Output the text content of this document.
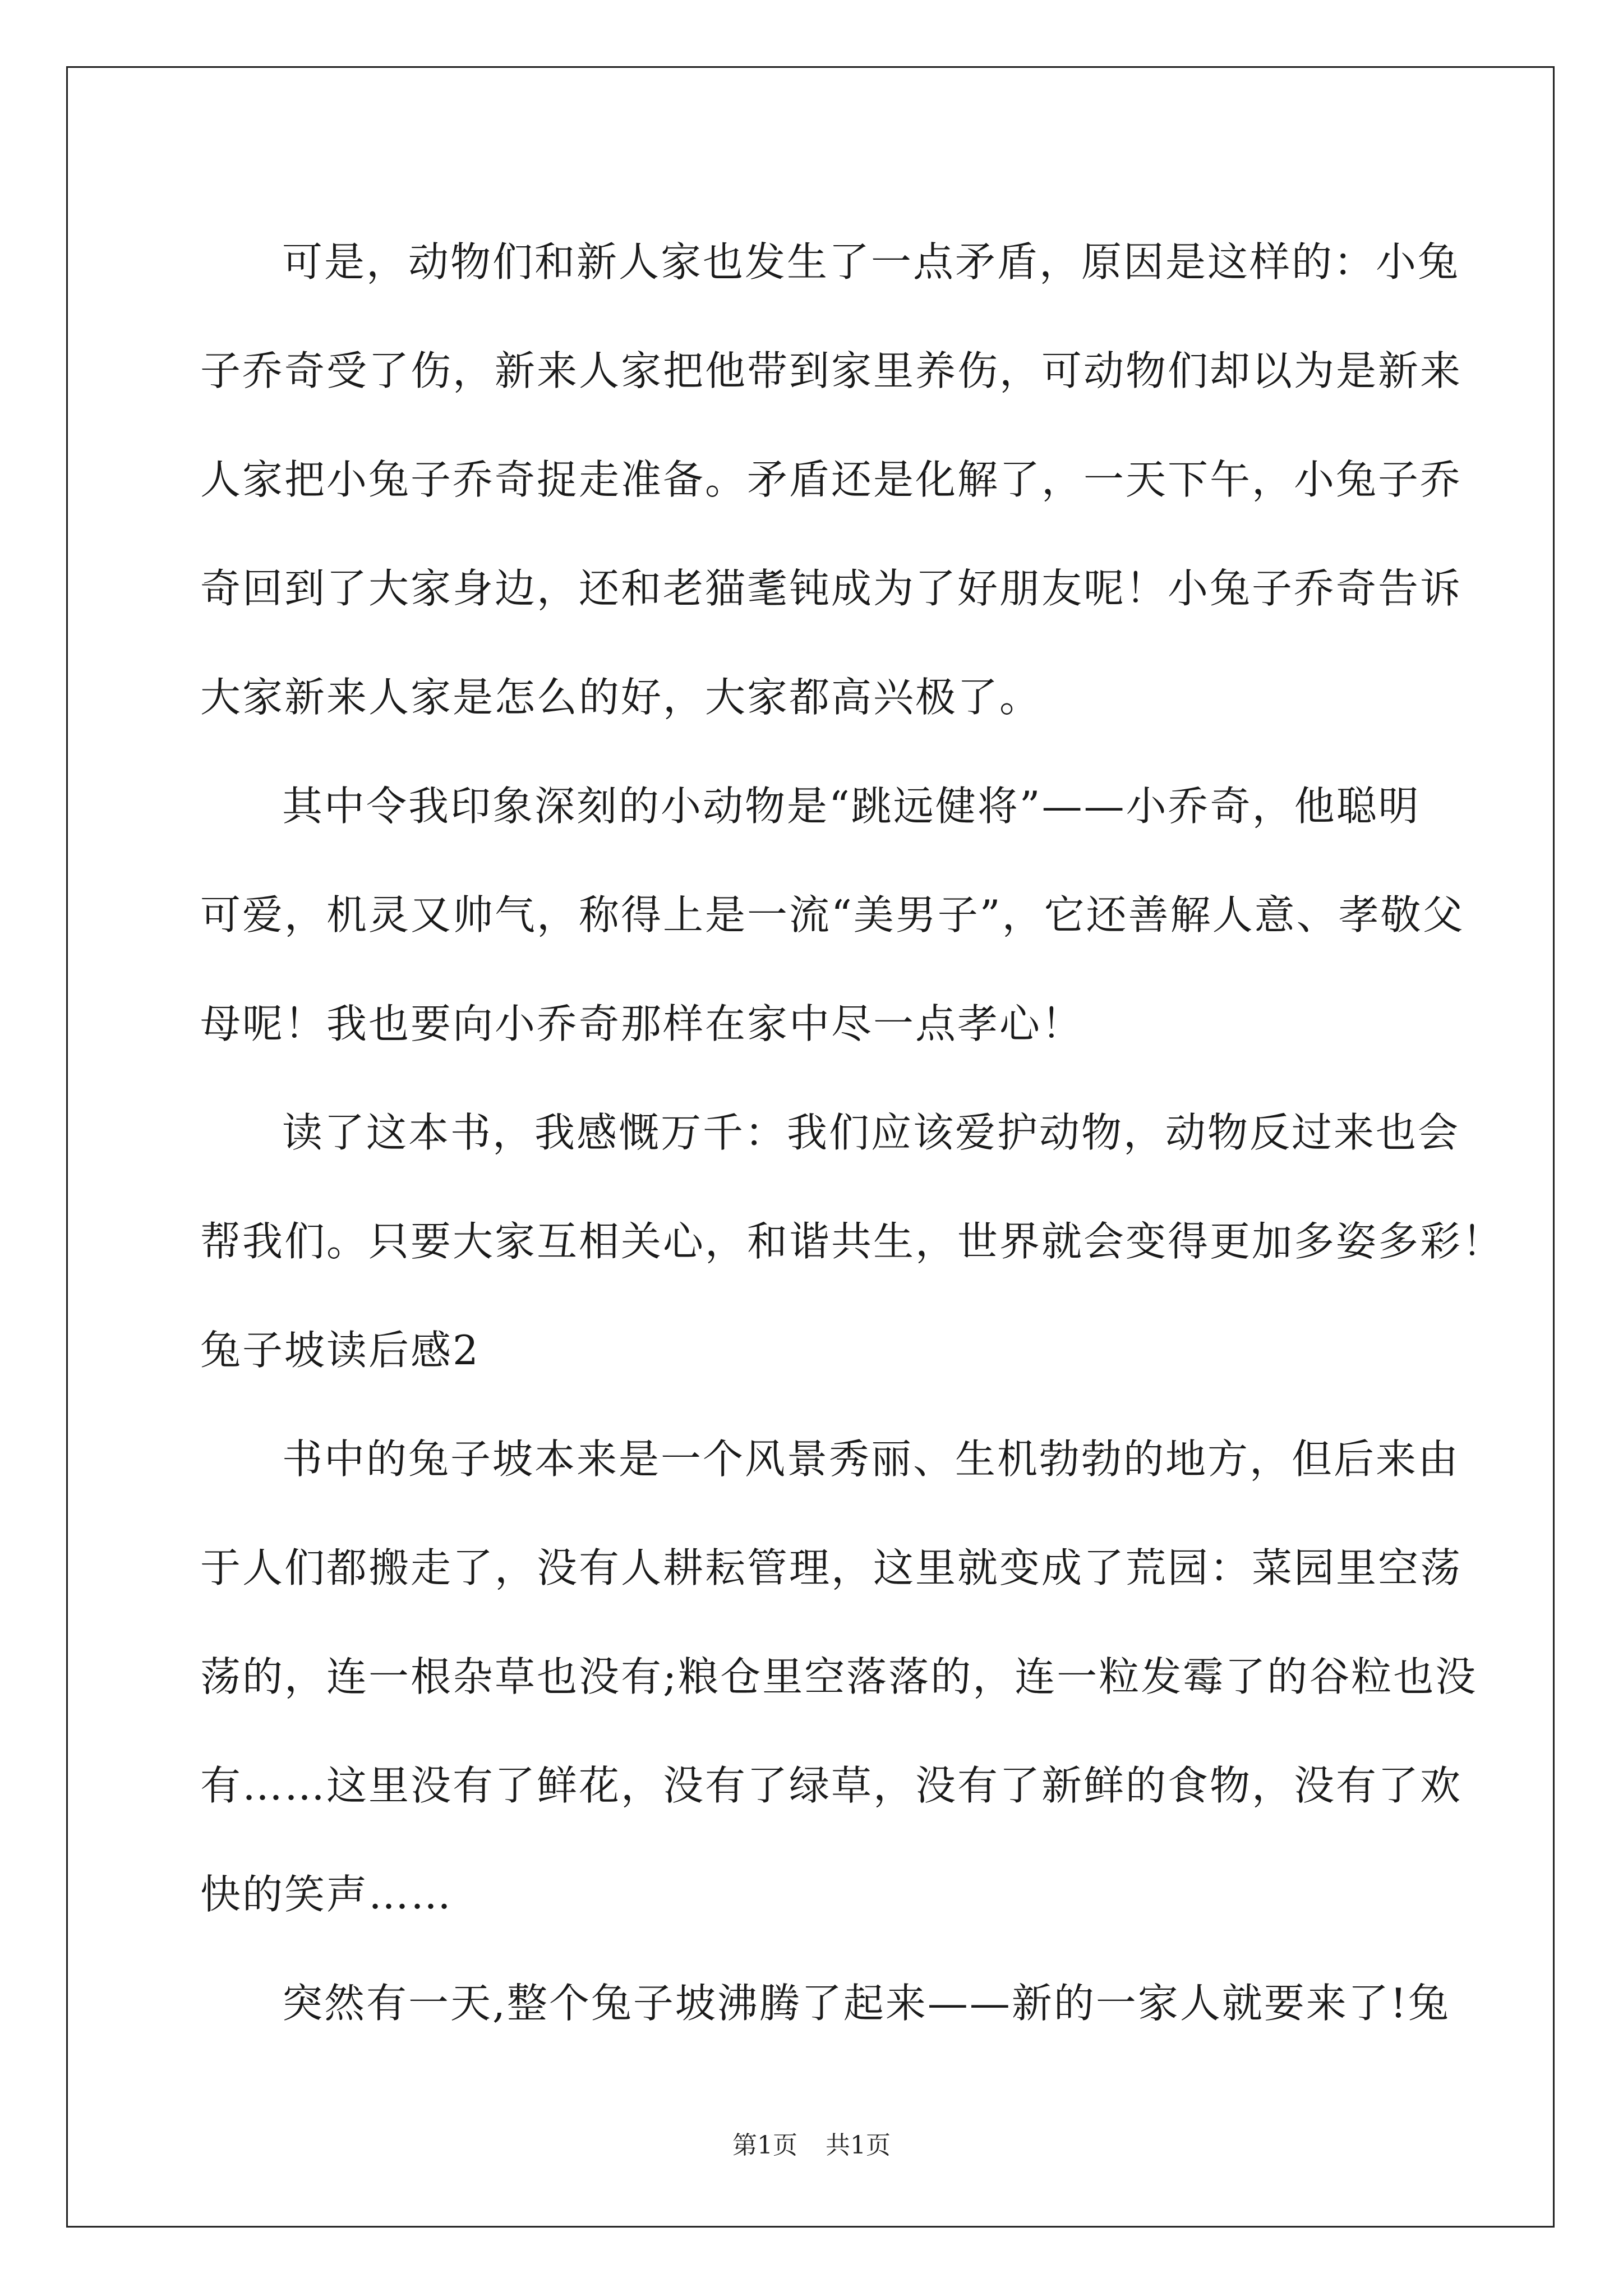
可是，动物们和新人家也发生了一点矛盾，原因是这样的：小兔
子乔奇受了伤，新来人家把他带到家里养伤，可动物们却以为是新来
人家把小兔子乔奇捉走准备。矛盾还是化解了，一天下午，小兔子乔
奇回到了大家身边，还和老猫耄钝成为了好朋友呢！小兔子乔奇告诉
大家新来人家是怎么的好，大家都高兴极了。
其中令我印象深刻的小动物是“跳远健将”——小乔奇，他聪明
可爱，机灵又帅气，称得上是一流“美男子”，它还善解人意、孝敬父
母呢！我也要向小乔奇那样在家中尽一点孝心！
读了这本书，我感慨万千：我们应该爱护动物，动物反过来也会
帮我们。只要大家互相关心，和谐共生，世界就会变得更加多姿多彩！
兔子坡读后感2
书中的兔子坡本来是一个风景秀丽、生机勃勃的地方，但后来由
于人们都搬走了，没有人耕耘管理，这里就变成了荒园：菜园里空荡
荡的，连一根杂草也没有;粮仓里空落落的，连一粒发霉了的谷粒也没
有……这里没有了鲜花，没有了绿草，没有了新鲜的食物，没有了欢
快的笑声……
突然有一天,整个兔子坡沸腾了起来——新的一家人就要来了!兔
第1页 共1页
